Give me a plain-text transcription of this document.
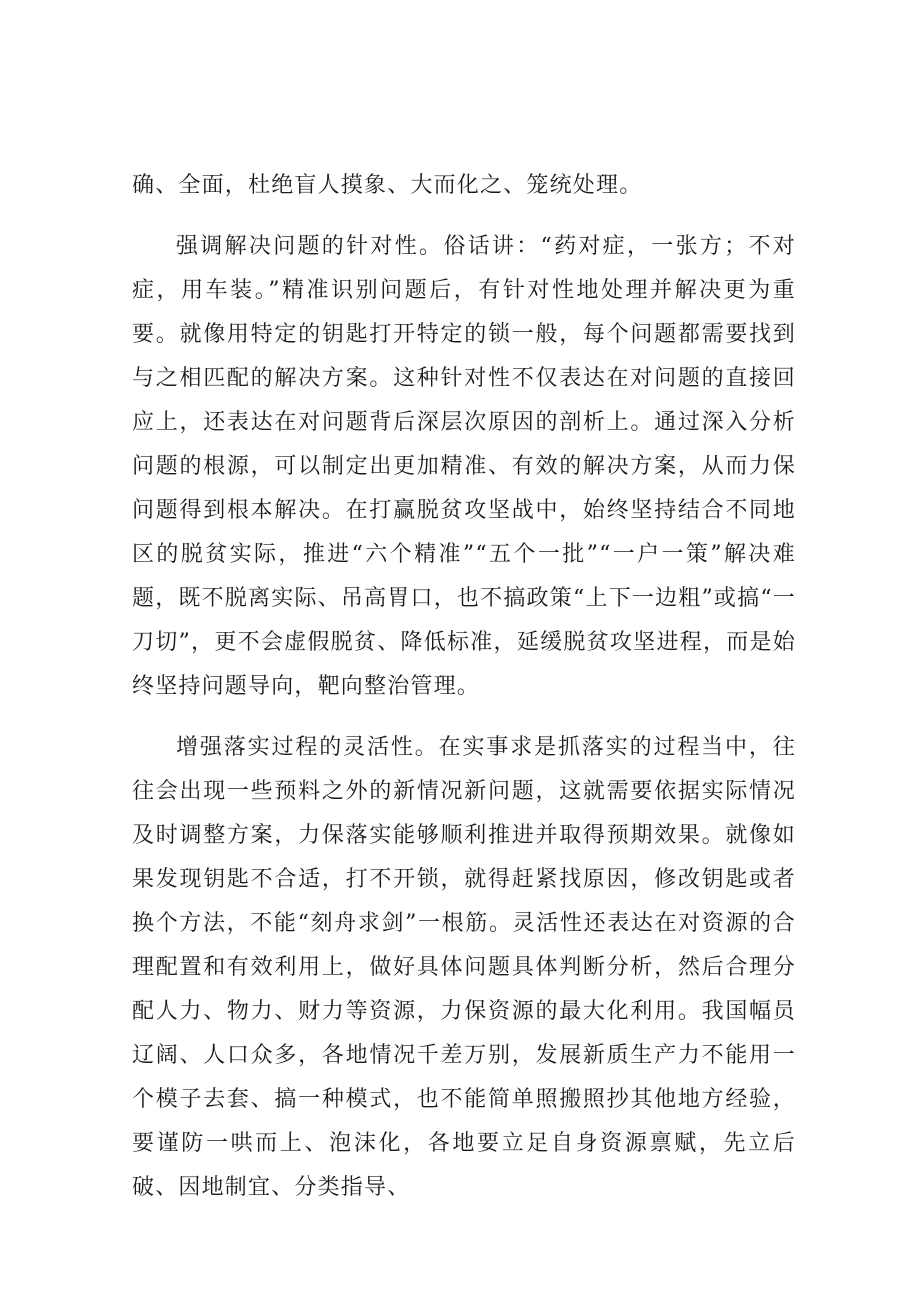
确、全面，杜绝盲人摸象、大而化之、笼统处理。

强调解决问题的针对性。俗话讲：“药对症，一张方；不对症，用车装。”精准识别问题后，有针对性地处理并解决更为重要。就像用特定的钥匙打开特定的锁一般，每个问题都需要找到与之相匹配的解决方案。这种针对性不仅表达在对问题的直接回应上，还表达在对问题背后深层次原因的剖析上。通过深入分析问题的根源，可以制定出更加精准、有效的解决方案，从而力保问题得到根本解决。在打赢脱贫攻坚战中，始终坚持结合不同地区的脱贫实际，推进“六个精准”“五个一批”“一户一策”解决难题，既不脱离实际、吊高胃口，也不搞政策“上下一边粗”或搞“一刀切”，更不会虚假脱贫、降低标准，延缓脱贫攻坚进程，而是始终坚持问题导向，靶向整治管理。

增强落实过程的灵活性。在实事求是抓落实的过程当中，往往会出现一些预料之外的新情况新问题，这就需要依据实际情况及时调整方案，力保落实能够顺利推进并取得预期效果。就像如果发现钥匙不合适，打不开锁，就得赶紧找原因，修改钥匙或者换个方法，不能“刻舟求剑”一根筋。灵活性还表达在对资源的合理配置和有效利用上，做好具体问题具体判断分析，然后合理分配人力、物力、财力等资源，力保资源的最大化利用。我国幅员辽阔、人口众多，各地情况千差万别，发展新质生产力不能用一个模子去套、搞一种模式，也不能简单照搬照抄其他地方经验，要谨防一哄而上、泡沫化，各地要立足自身资源禀赋，先立后破、因地制宜、分类指导、
